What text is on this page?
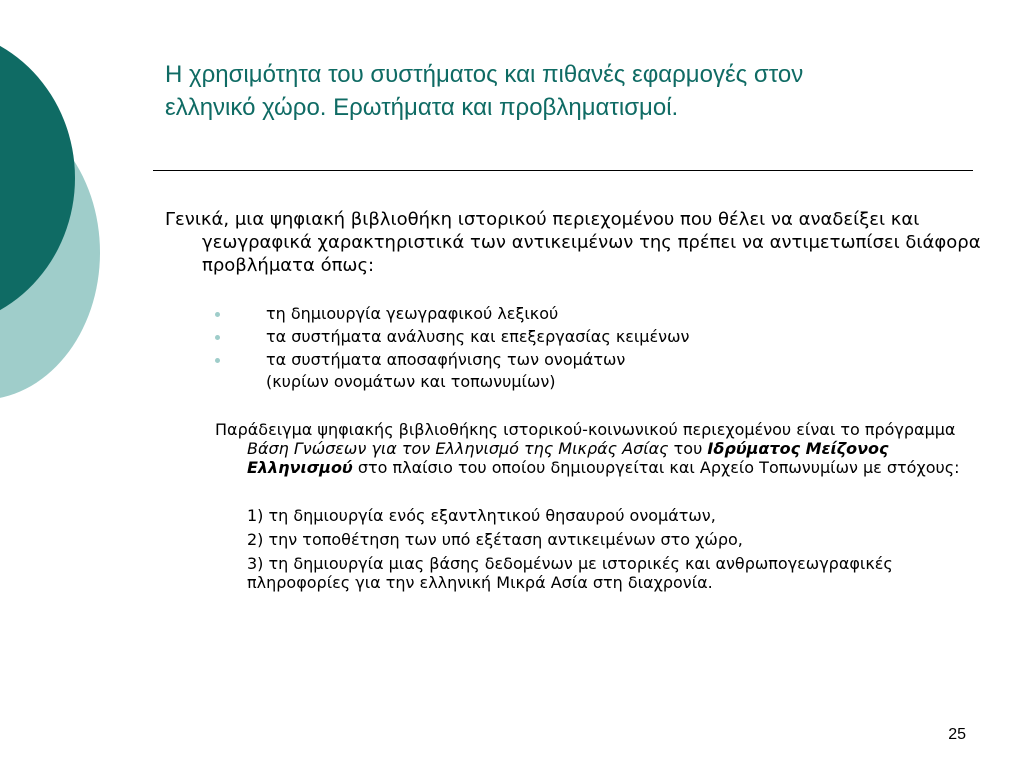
Η χρησιμότητα του συστήματος και πιθανές εφαρμογές στον
ελληνικό χώρο. Ερωτήματα και προβληματισμοί.
Γενικά, μια ψηφιακή βιβλιοθήκη ιστορικού περιεχομένου που θέλει να αναδείξει και γεωγραφικά χαρακτηριστικά των αντικειμένων της πρέπει να αντιμετωπίσει διάφορα προβλήματα όπως:
τη δημιουργία γεωγραφικού λεξικού
τα συστήματα ανάλυσης και επεξεργασίας κειμένων
τα συστήματα αποσαφήνισης των ονομάτων
(κυρίων ονομάτων και τοπωνυμίων)
Παράδειγμα ψηφιακής βιβλιοθήκης ιστορικού-κοινωνικού περιεχομένου είναι το πρόγραμμα Βάση Γνώσεων για τον Ελληνισμό της Μικράς Ασίας του Ιδρύματος Μείζονος Ελληνισμού στο πλαίσιο του οποίου δημιουργείται και Αρχείο Τοπωνυμίων με στόχους:
1) τη δημιουργία ενός εξαντλητικού θησαυρού ονομάτων,
2) την τοποθέτηση των υπό εξέταση αντικειμένων στο χώρο,
3) τη δημιουργία μιας βάσης δεδομένων με ιστορικές και ανθρωπογεωγραφικές πληροφορίες για την ελληνική Μικρά Ασία στη διαχρονία.
25
